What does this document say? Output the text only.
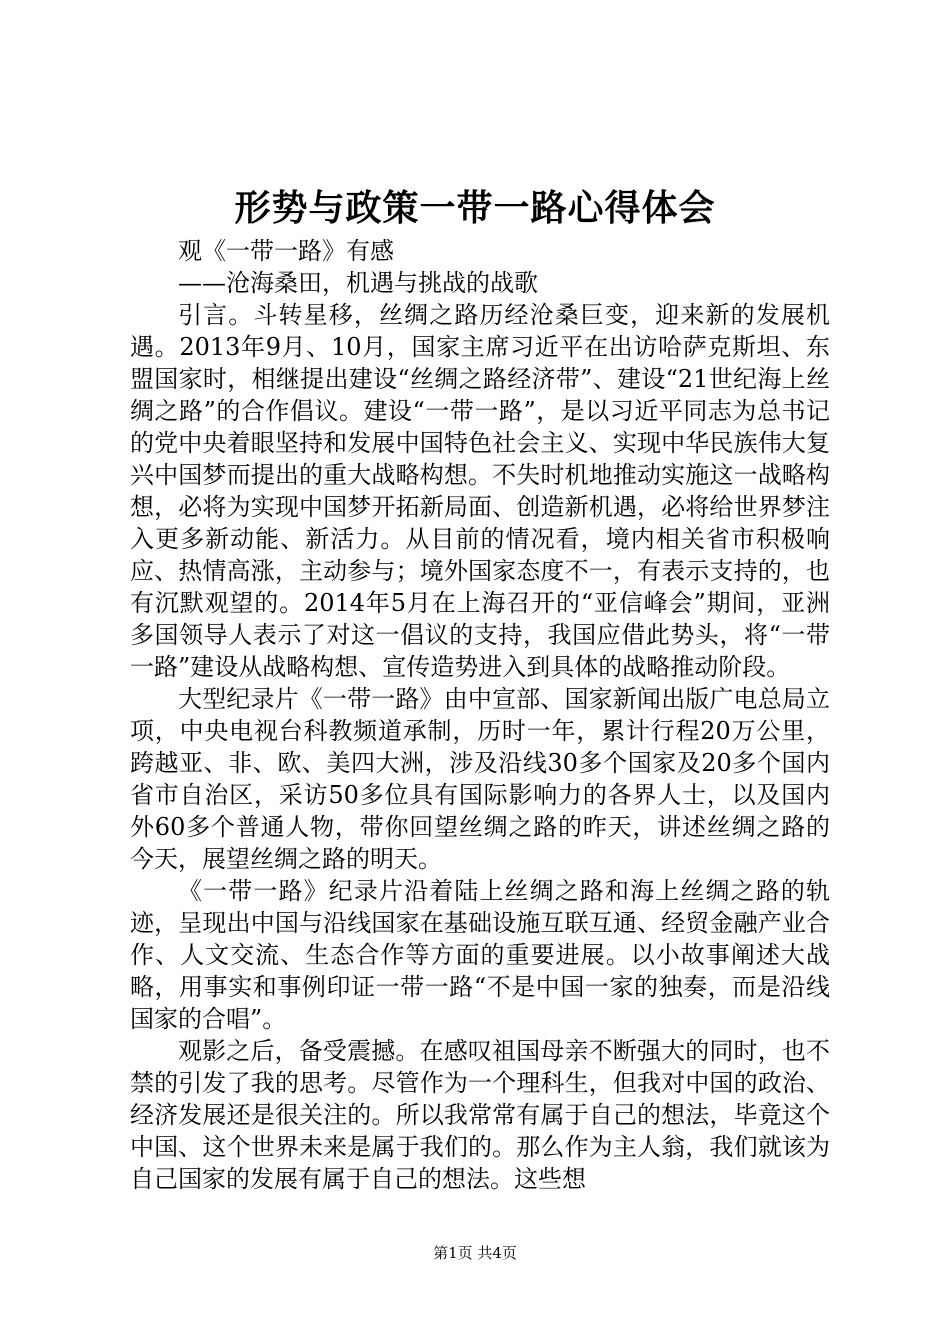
形势与政策一带一路心得体会

观《一带一路》有感

——沧海桑田，机遇与挑战的战歌

引言。斗转星移，丝绸之路历经沧桑巨变，迎来新的发展机遇。2013年9月、10月，国家主席习近平在出访哈萨克斯坦、东盟国家时，相继提出建设“丝绸之路经济带”、建设“21世纪海上丝绸之路”的合作倡议。建设“一带一路”，是以习近平同志为总书记的党中央着眼坚持和发展中国特色社会主义、实现中华民族伟大复兴中国梦而提出的重大战略构想。不失时机地推动实施这一战略构想，必将为实现中国梦开拓新局面、创造新机遇，必将给世界梦注入更多新动能、新活力。从目前的情况看，境内相关省市积极响应、热情高涨，主动参与；境外国家态度不一，有表示支持的，也有沉默观望的。2014年5月在上海召开的“亚信峰会”期间，亚洲多国领导人表示了对这一倡议的支持，我国应借此势头，将“一带一路”建设从战略构想、宣传造势进入到具体的战略推动阶段。

大型纪录片《一带一路》由中宣部、国家新闻出版广电总局立项，中央电视台科教频道承制，历时一年，累计行程20万公里，跨越亚、非、欧、美四大洲，涉及沿线30多个国家及20多个国内省市自治区，采访50多位具有国际影响力的各界人士，以及国内外60多个普通人物，带你回望丝绸之路的昨天，讲述丝绸之路的今天，展望丝绸之路的明天。

《一带一路》纪录片沿着陆上丝绸之路和海上丝绸之路的轨迹，呈现出中国与沿线国家在基础设施互联互通、经贸金融产业合作、人文交流、生态合作等方面的重要进展。以小故事阐述大战略，用事实和事例印证一带一路“不是中国一家的独奏，而是沿线国家的合唱”。

观影之后，备受震撼。在感叹祖国母亲不断强大的同时，也不禁的引发了我的思考。尽管作为一个理科生，但我对中国的政治、经济发展还是很关注的。所以我常常有属于自己的想法，毕竟这个中国、这个世界未来是属于我们的。那么作为主人翁，我们就该为自己国家的发展有属于自己的想法。这些想

第1页 共4页
